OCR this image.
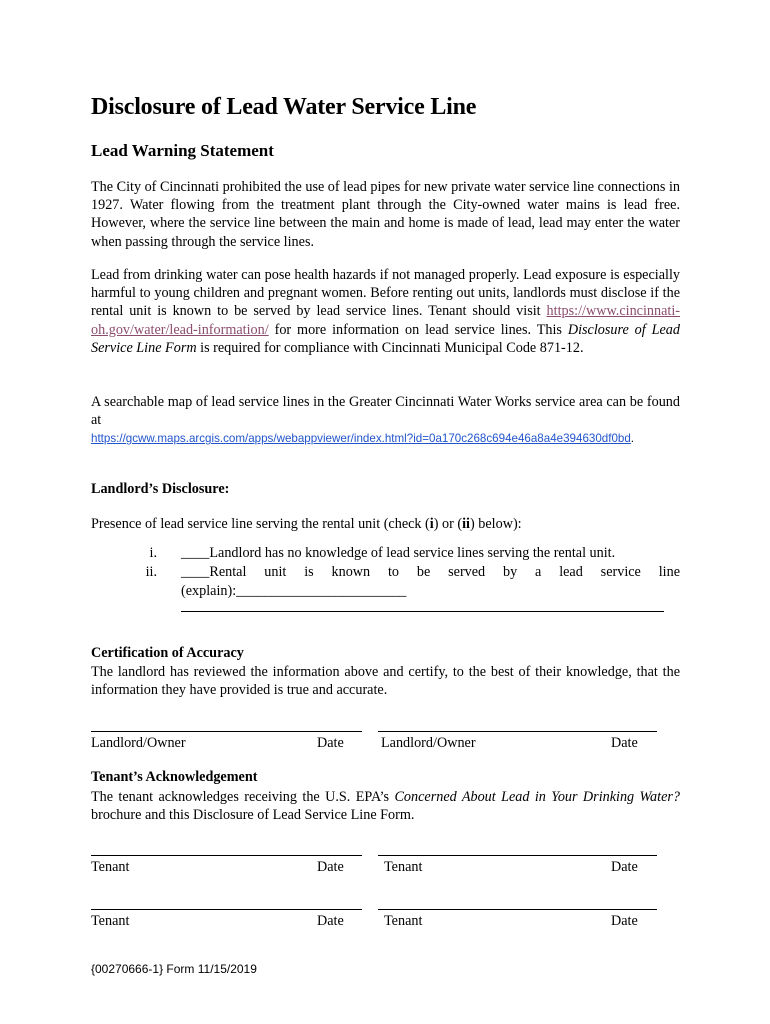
Disclosure of Lead Water Service Line
Lead Warning Statement

The City of Cincinnati prohibited the use of lead pipes for new private water service line connections in 1927. Water flowing from the treatment plant through the City-owned water mains is lead free. However, where the service line between the main and home is made of lead, lead may enter the water when passing through the service lines.

Lead from drinking water can pose health hazards if not managed properly. Lead exposure is especially harmful to young children and pregnant women. Before renting out units, landlords must disclose if the rental unit is known to be served by lead service lines. Tenant should visit https://www.cincinnati-oh.gov/water/lead-information/ for more information on lead service lines. This Disclosure of Lead Service Line Form is required for compliance with Cincinnati Municipal Code 871-12.

A searchable map of lead service lines in the Greater Cincinnati Water Works service area can be found at
https://gcww.maps.arcgis.com/apps/webappviewer/index.html?id=0a170c268c694e46a8a4e394630df0bd.

Landlord’s Disclosure:
Presence of lead service line serving the rental unit (check (i) or (ii) below):
i. ____Landlord has no knowledge of lead service lines serving the rental unit.
ii. ____Rental unit is known to be served by a lead service line (explain):________________________
Certification of Accuracy

The landlord has reviewed the information above and certify, to the best of their knowledge, that the information they have provided is true and accurate.

Landlord/Owner	Date	Landlord/Owner	Date
Tenant’s Acknowledgement

The tenant acknowledges receiving the U.S. EPA’s Concerned About Lead in Your Drinking Water? brochure and this Disclosure of Lead Service Line Form.

Tenant	Date	Tenant	Date
Tenant	Date	Tenant	Date
{00270666-1} Form 11/15/2019
